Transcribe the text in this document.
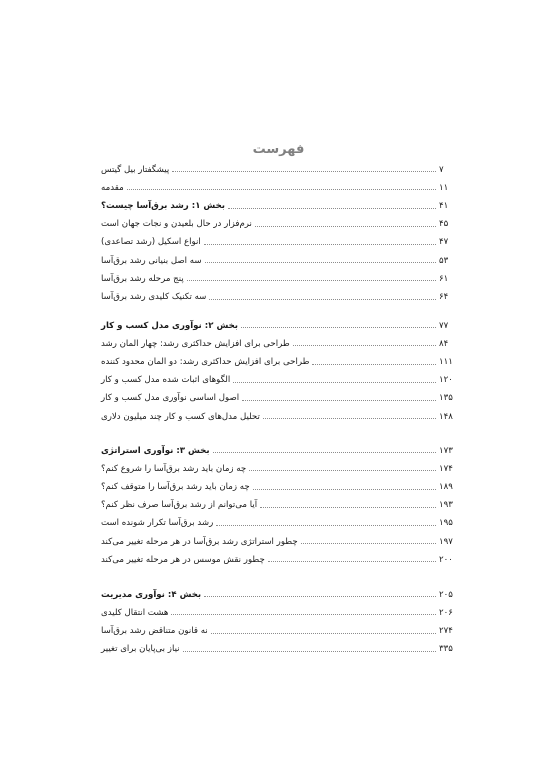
فهرست
پیشگفتار بیل گیتس	۷
مقدمه	۱۱
بخش ۱: رشد برق‌آسا چیست؟	۴۱
نرم‌فزار در حال بلعیدن و نجات جهان است	۴۵
انواع اسکیل (رشد تصاعدی)	۴۷
سه اصل بنیانی رشد برق‌آسا	۵۳
پنج مرحله رشد برق‌آسا	۶۱
سه تکنیک کلیدی رشد برق‌آسا	۶۴
بخش ۲: نوآوری مدل کسب و کار	۷۷
طراحی برای افزایش حداکثری رشد: چهار المان رشد	۸۴
طراحی برای افزایش حداکثری رشد: دو المان محدود کننده	۱۱۱
الگوهای اثبات شده مدل کسب و کار	۱۲۰
اصول اساسی نوآوری مدل کسب و کار	۱۳۵
تحلیل مدل‌های کسب و کار چند میلیون دلاری	۱۴۸
بخش ۳: نوآوری استراتژی	۱۷۳
چه زمان باید رشد برق‌آسا را شروع کنم؟	۱۷۴
چه زمان باید رشد برق‌آسا را متوقف کنم؟	۱۸۹
آیا می‌توانم از رشد برق‌آسا صرف نظر کنم؟	۱۹۳
رشد برق‌آسا تکرار شونده است	۱۹۵
چطور استراتژی رشد برق‌آسا در هر مرحله تغییر می‌کند	۱۹۷
چطور نقش موسس در هر مرحله تغییر می‌کند	۲۰۰
بخش ۴: نوآوری مدیریت	۲۰۵
هشت انتقال کلیدی	۲۰۶
نه قانون متناقض رشد برق‌آسا	۲۷۴
نیاز بی‌پایان برای تغییر	۳۳۵
